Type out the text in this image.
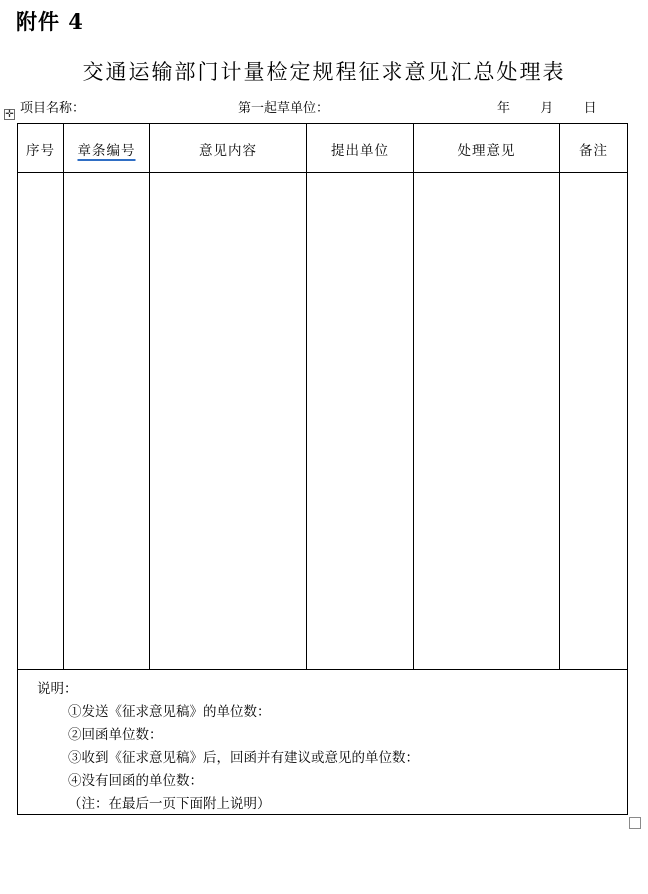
附件 4
交通运输部门计量检定规程征求意见汇总处理表
✛ 项目名称：	第一起草单位：	年 月 日
序号	章条编号	意见内容	提出单位	处理意见	备注
说明：
①发送《征求意见稿》的单位数：
②回函单位数：
③收到《征求意见稿》后，回函并有建议或意见的单位数：
④没有回函的单位数：
（注：在最后一页下面附上说明）
